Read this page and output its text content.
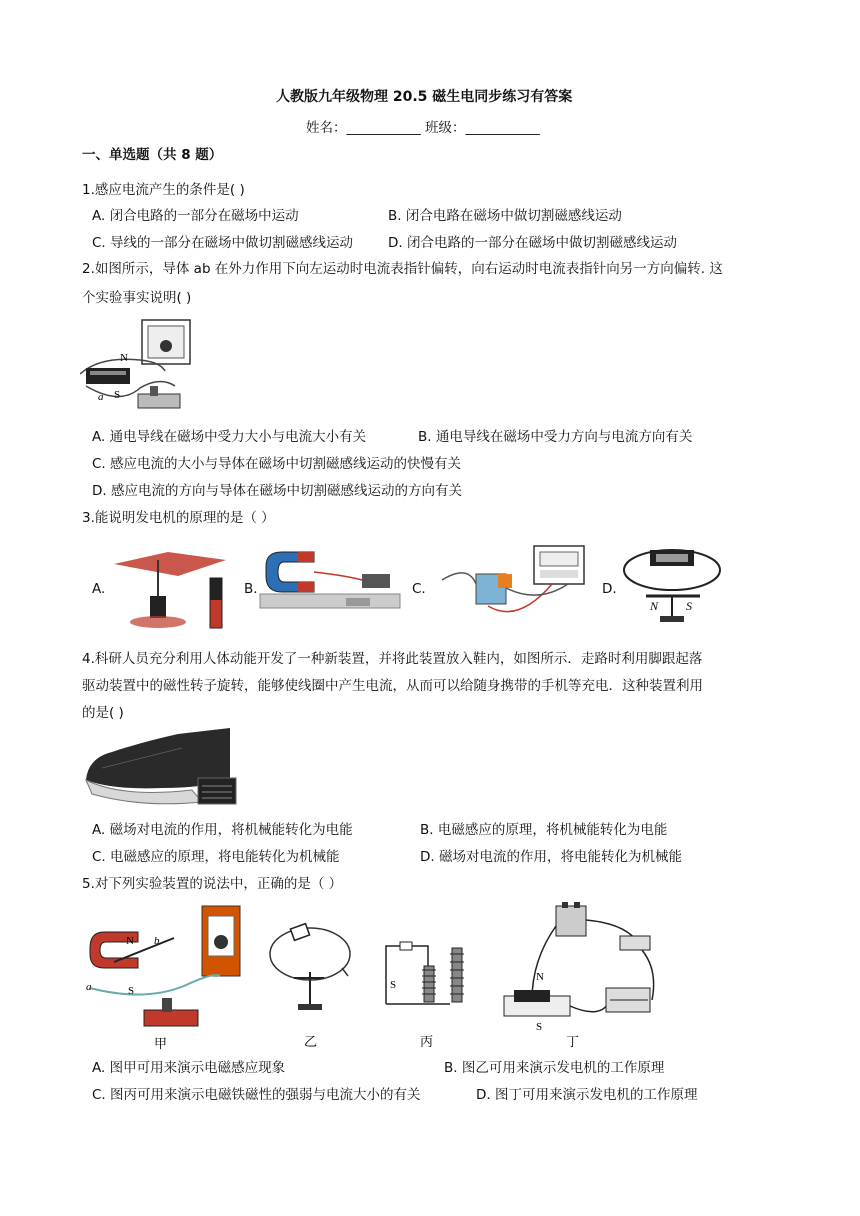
人教版九年级物理 20.5 磁生电同步练习有答案
姓名：___________ 班级：___________
一、单选题（共 8 题）
1.感应电流产生的条件是( )
A. 闭合电路的一部分在磁场中运动	B. 闭合电路在磁场中做切割磁感线运动
C. 导线的一部分在磁场中做切割磁感线运动	D. 闭合电路的一部分在磁场中做切割磁感线运动
2.如图所示，导体 ab 在外力作用下向左运动时电流表指针偏转，向右运动时电流表指针向另一方向偏转. 这
个实验事实说明( )
N
S
a
A. 通电导线在磁场中受力大小与电流大小有关	B. 通电导线在磁场中受力方向与电流方向有关
C. 感应电流的大小与导体在磁场中切割磁感线运动的快慢有关
D. 感应电流的方向与导体在磁场中切割磁感线运动的方向有关
3.能说明发电机的原理的是（ ）
A.	B.	C.	D.
N S
4.科研人员充分利用人体动能开发了一种新装置，并将此装置放入鞋内，如图所示．走路时利用脚跟起落
驱动装置中的磁性转子旋转，能够使线圈中产生电流，从而可以给随身携带的手机等充电．这种装置利用
的是( )
A. 磁场对电流的作用，将机械能转化为电能	B. 电磁感应的原理，将机械能转化为电能
C. 电磁感应的原理，将电能转化为机械能	D. 磁场对电流的作用，将电能转化为机械能
5.对下列实验装置的说法中，正确的是（ ）
N
S
a
b
甲	乙
S
丙
N
S
丁
A. 图甲可用来演示电磁感应现象	B. 图乙可用来演示发电机的工作原理
C. 图丙可用来演示电磁铁磁性的强弱与电流大小的有关	D. 图丁可用来演示发电机的工作原理
